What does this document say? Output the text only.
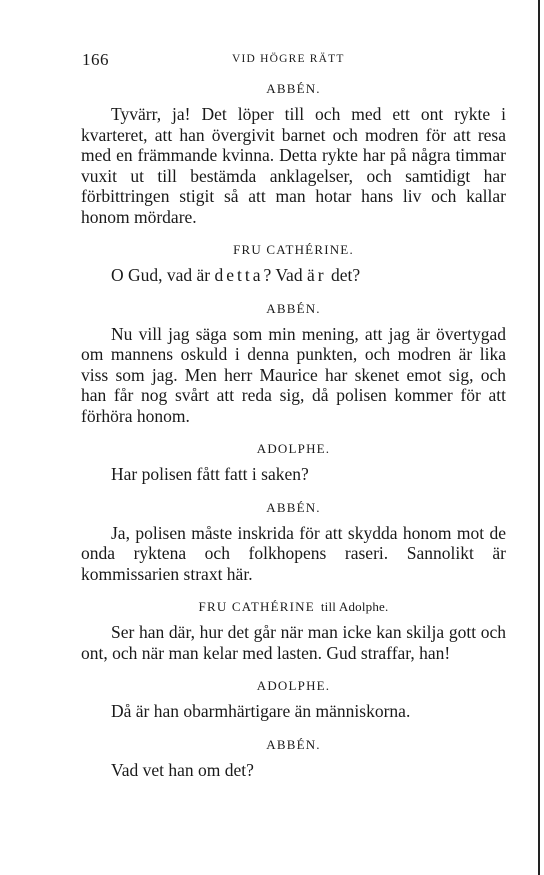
166	VID HÖGRE RÄTT
ABBÉN.

Tyvärr, ja! Det löper till och med ett ont rykte i kvarteret, att han övergivit barnet och modren för att resa med en främmande kvinna. Detta rykte har på några timmar vuxit ut till bestämda anklagelser, och samtidigt har förbittringen stigit så att man hotar hans liv och kallar honom mördare.

FRU CATHÉRINE.

O Gud, vad är detta? Vad är det?

ABBÉN.

Nu vill jag säga som min mening, att jag är övertygad om mannens oskuld i denna punkten, och modren är lika viss som jag. Men herr Maurice har skenet emot sig, och han får nog svårt att reda sig, då polisen kommer för att förhöra honom.

ADOLPHE.

Har polisen fått fatt i saken?

ABBÉN.

Ja, polisen måste inskrida för att skydda honom mot de onda ryktena och folkhopens raseri. Sannolikt är kommissarien straxt här.

FRU CATHÉRINE till Adolphe.

Ser han där, hur det går när man icke kan skilja gott och ont, och när man kelar med lasten. Gud straffar, han!

ADOLPHE.

Då är han obarmhärtigare än människorna.

ABBÉN.

Vad vet han om det?
